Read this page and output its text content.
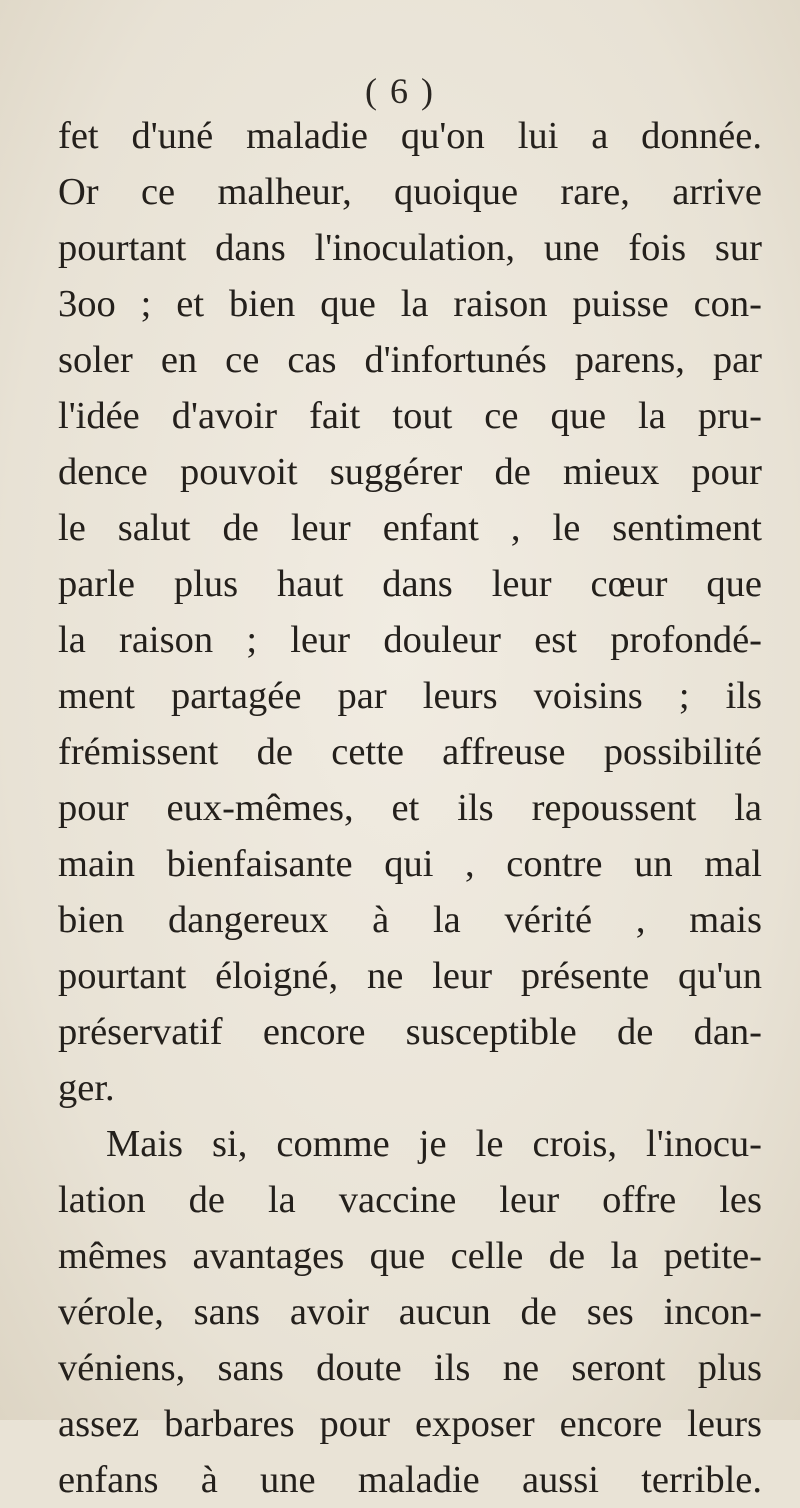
( 6 )
fet d'uné maladie qu'on lui a donnée.
Or ce malheur, quoique rare, arrive
pourtant dans l'inoculation, une fois sur
3oo ; et bien que la raison puisse con-
soler en ce cas d'infortunés parens, par
l'idée d'avoir fait tout ce que la pru-
dence pouvoit suggérer de mieux pour
le salut de leur enfant , le sentiment
parle plus haut dans leur cœur que
la raison ; leur douleur est profondé-
ment partagée par leurs voisins ; ils
frémissent de cette affreuse possibilité
pour eux-mêmes, et ils repoussent la
main bienfaisante qui , contre un mal
bien dangereux à la vérité , mais
pourtant éloigné, ne leur présente qu'un
préservatif encore susceptible de dan-
ger.
Mais si, comme je le crois, l'inocu-
lation de la vaccine leur offre les
mêmes avantages que celle de la petite-
vérole, sans avoir aucun de ses incon-
véniens, sans doute ils ne seront plus
assez barbares pour exposer encore leurs
enfans à une maladie aussi terrible.
